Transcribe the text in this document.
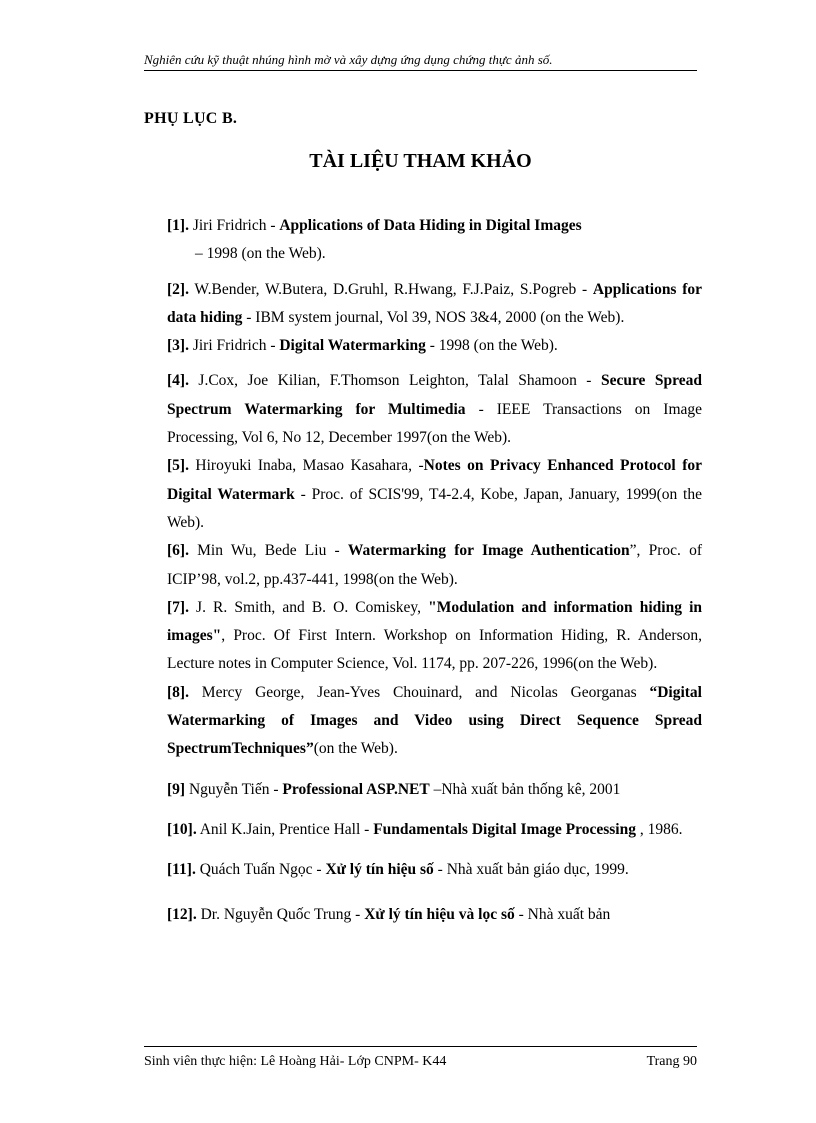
Nghiên cứu kỹ thuật nhúng hình mờ và xây dựng ứng dụng chứng thực ảnh số.
PHỤ LỤC B.
TÀI LIỆU THAM KHẢO

[1]. Jiri Fridrich - Applications of Data Hiding in Digital Images
– 1998 (on the Web).

[2]. W.Bender, W.Butera, D.Gruhl, R.Hwang, F.J.Paiz, S.Pogreb - Applications for data hiding - IBM system journal, Vol 39, NOS 3&4, 2000 (on the Web).

[3]. Jiri Fridrich - Digital Watermarking - 1998 (on the Web).

[4]. J.Cox, Joe Kilian, F.Thomson Leighton, Talal Shamoon - Secure Spread Spectrum Watermarking for Multimedia - IEEE Transactions on Image Processing, Vol 6, No 12, December 1997(on the Web).

[5]. Hiroyuki Inaba, Masao Kasahara, -Notes on Privacy Enhanced Protocol for Digital Watermark - Proc. of SCIS'99, T4-2.4, Kobe, Japan, January, 1999(on the Web).

[6]. Min Wu, Bede Liu - Watermarking for Image Authentication”, Proc. of ICIP’98, vol.2, pp.437-441, 1998(on the Web).

[7]. J. R. Smith, and B. O. Comiskey, "Modulation and information hiding in images", Proc. Of First Intern. Workshop on Information Hiding, R. Anderson, Lecture notes in Computer Science, Vol. 1174, pp. 207-226, 1996(on the Web).

[8]. Mercy George, Jean-Yves Chouinard, and Nicolas Georganas “Digital Watermarking of Images and Video using Direct Sequence Spread SpectrumTechniques”(on the Web).

[9] Nguyễn Tiến - Professional ASP.NET –Nhà xuất bản thống kê, 2001

[10]. Anil K.Jain, Prentice Hall - Fundamentals Digital Image Processing , 1986.

[11]. Quách Tuấn Ngọc - Xử lý tín hiệu số - Nhà xuất bản giáo dục, 1999.

[12]. Dr. Nguyễn Quốc Trung - Xử lý tín hiệu và lọc số - Nhà xuất bản

Sinh viên thực hiện: Lê Hoàng Hải- Lớp CNPM- K44	Trang 90
